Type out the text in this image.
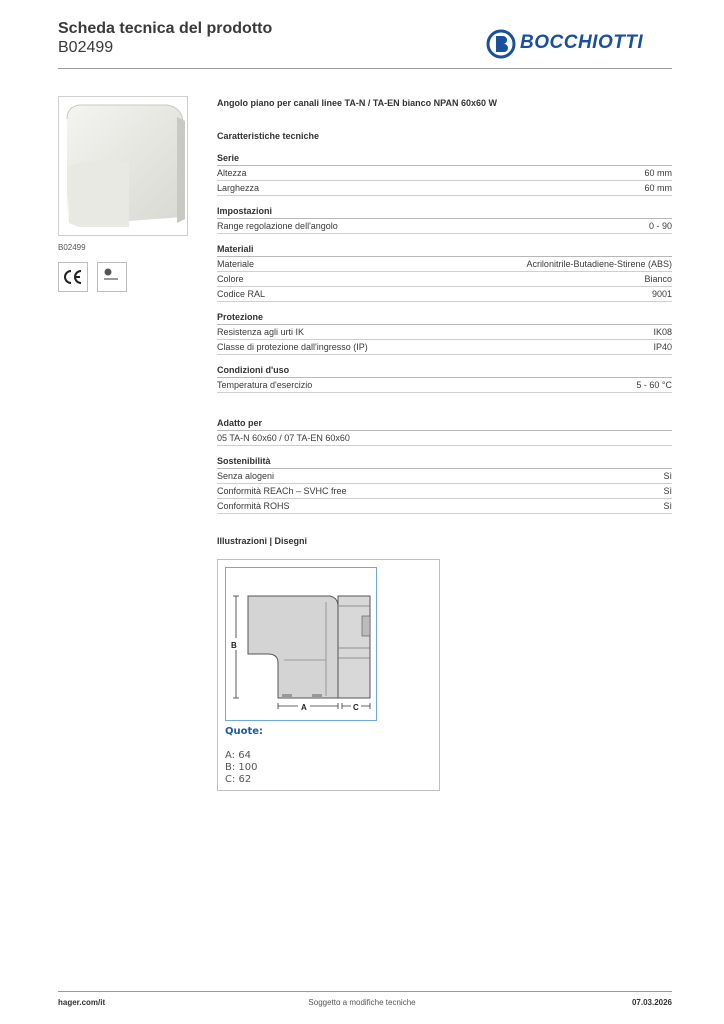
Scheda tecnica del prodotto
B02499	BOCCHIOTTI
B02499
Angolo piano per canali linee TA-N / TA-EN bianco NPAN 60x60 W
Caratteristiche tecniche
Serie
Altezza	60 mm
Larghezza	60 mm
Impostazioni
Range regolazione dell'angolo	0 - 90
Materiali
Materiale	Acrilonitrile-Butadiene-Stirene (ABS)
Colore	Bianco
Codice RAL	9001
Protezione
Resistenza agli urti IK	IK08
Classe di protezione dall'ingresso (IP)	IP40
Condizioni d'uso
Temperatura d'esercizio	5 - 60 °C
Adatto per
05 TA-N 60x60 / 07 TA-EN 60x60
Sostenibilità
Senza alogeni	Sì
Conformità REACh – SVHC free	Sì
Conformità ROHS	Sì
Illustrazioni | Disegni
B
A	C
Quote:
A: 64
B: 100
C: 62
hager.com/it	Soggetto a modifiche tecniche	07.03.2026
